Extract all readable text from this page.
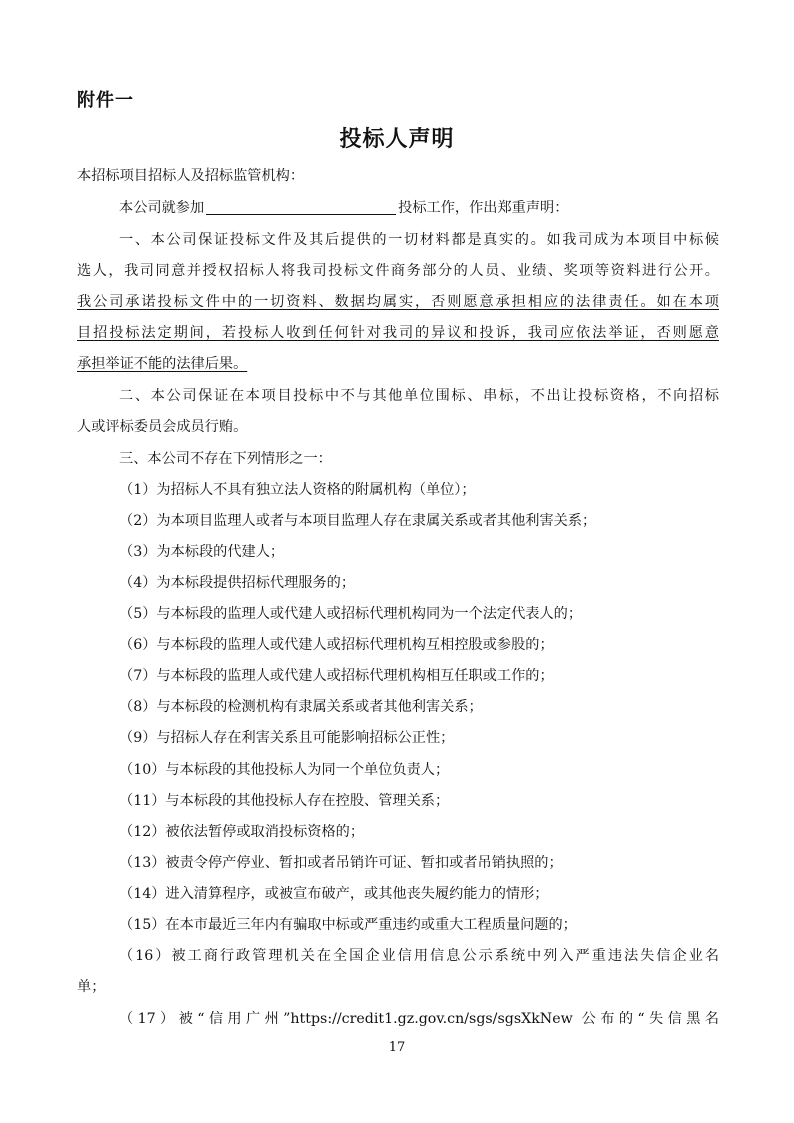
附件一
投标人声明
本招标项目招标人及招标监管机构：
本公司就参加	投标工作，作出郑重声明：
一、本公司保证投标文件及其后提供的一切材料都是真实的。如我司成为本项目中标候
选人，我司同意并授权招标人将我司投标文件商务部分的人员、业绩、奖项等资料进行公开。
我公司承诺投标文件中的一切资料、数据均属实，否则愿意承担相应的法律责任。如在本项
目招投标法定期间，若投标人收到任何针对我司的异议和投诉，我司应依法举证，否则愿意
承担举证不能的法律后果。
二、本公司保证在本项目投标中不与其他单位围标、串标，不出让投标资格，不向招标
人或评标委员会成员行贿。
三、本公司不存在下列情形之一：
（1）为招标人不具有独立法人资格的附属机构（单位）；
（2）为本项目监理人或者与本项目监理人存在隶属关系或者其他利害关系；
（3）为本标段的代建人；
（4）为本标段提供招标代理服务的；
（5）与本标段的监理人或代建人或招标代理机构同为一个法定代表人的；
（6）与本标段的监理人或代建人或招标代理机构互相控股或参股的；
（7）与本标段的监理人或代建人或招标代理机构相互任职或工作的；
（8）与本标段的检测机构有隶属关系或者其他利害关系；
（9）与招标人存在利害关系且可能影响招标公正性；
（10）与本标段的其他投标人为同一个单位负责人；
（11）与本标段的其他投标人存在控股、管理关系；
（12）被依法暂停或取消投标资格的；
（13）被责令停产停业、暂扣或者吊销许可证、暂扣或者吊销执照的；
（14）进入清算程序，或被宣布破产，或其他丧失履约能力的情形；
（15）在本市最近三年内有骗取中标或严重违约或重大工程质量问题的；
（16）被工商行政管理机关在全国企业信用信息公示系统中列入严重违法失信企业名
单；
（17）被“信用广州”https://credit1.gz.gov.cn/sgs/sgsXkNew 公布的“失信黑名
17
